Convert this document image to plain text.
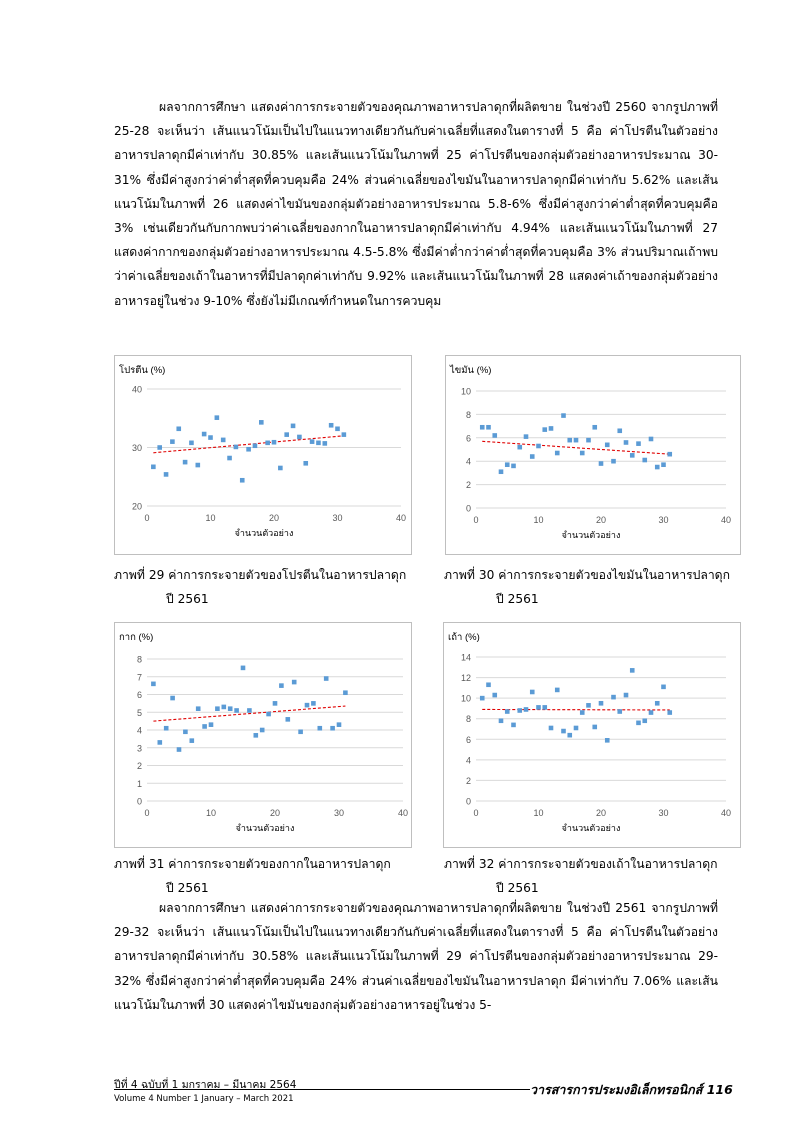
ผลจากการศึกษา แสดงค่าการกระจายตัวของคุณภาพอาหารปลาดุกที่ผลิตขาย ในช่วงปี 2560 จากรูปภาพที่ 25-28 จะเห็นว่า เส้นแนวโน้มเป็นไปในแนวทางเดียวกันกับค่าเฉลี่ยที่แสดงในตารางที่ 5 คือ ค่าโปรตีนในตัวอย่างอาหารปลาดุกมีค่าเท่ากับ 30.85% และเส้นแนวโน้มในภาพที่ 25 ค่าโปรตีนของกลุ่มตัวอย่างอาหารประมาณ 30-31% ซึ่งมีค่าสูงกว่าค่าต่ำสุดที่ควบคุมคือ 24% ส่วนค่าเฉลี่ยของไขมันในอาหารปลาดุกมีค่าเท่ากับ 5.62% และเส้นแนวโน้มในภาพที่ 26 แสดงค่าไขมันของกลุ่มตัวอย่างอาหารประมาณ 5.8-6% ซึ่งมีค่าสูงกว่าค่าต่ำสุดที่ควบคุมคือ 3% เช่นเดียวกันกับกากพบว่าค่าเฉลี่ยของกากในอาหารปลาดุกมีค่าเท่ากับ 4.94% และเส้นแนวโน้มในภาพที่ 27 แสดงค่ากากของกลุ่มตัวอย่างอาหารประมาณ 4.5-5.8% ซึ่งมีค่าต่ำกว่าค่าต่ำสุดที่ควบคุมคือ 3% ส่วนปริมาณเถ้าพบว่าค่าเฉลี่ยของเถ้าในอาหารที่มีปลาดุกค่าเท่ากับ 9.92% และเส้นแนวโน้มในภาพที่ 28 แสดงค่าเถ้าของกลุ่มตัวอย่างอาหารอยู่ในช่วง 9-10% ซึ่งยังไม่มีเกณฑ์กำหนดในการควบคุม

โปรตีน (%)
20
30
40
0	10	20	30	40
จำนวนตัวอย่าง

ภาพที่ 29 ค่าการกระจายตัวของโปรตีนในอาหารปลาดุก
ปี 2561

ไขมัน (%)
0
2
4
6
8
10
0	10	20	30	40
จำนวนตัวอย่าง

ภาพที่ 30 ค่าการกระจายตัวของไขมันในอาหารปลาดุก
ปี 2561

กาก (%)
0
1
2
3
4
5
6
7
8
0	10	20	30	40
จำนวนตัวอย่าง

ภาพที่ 31 ค่าการกระจายตัวของกากในอาหารปลาดุก
ปี 2561

เถ้า (%)
0
2
4
6
8
10
12
14
0	10	20	30	40
จำนวนตัวอย่าง

ภาพที่ 32 ค่าการกระจายตัวของเถ้าในอาหารปลาดุก
ปี 2561

ผลจากการศึกษา แสดงค่าการกระจายตัวของคุณภาพอาหารปลาดุกที่ผลิตขาย ในช่วงปี 2561 จากรูปภาพที่ 29-32 จะเห็นว่า เส้นแนวโน้มเป็นไปในแนวทางเดียวกันกับค่าเฉลี่ยที่แสดงในตารางที่ 5 คือ ค่าโปรตีนในตัวอย่างอาหารปลาดุกมีค่าเท่ากับ 30.58% และเส้นแนวโน้มในภาพที่ 29 ค่าโปรตีนของกลุ่มตัวอย่างอาหารประมาณ 29-32% ซึ่งมีค่าสูงกว่าค่าต่ำสุดที่ควบคุมคือ 24% ส่วนค่าเฉลี่ยของไขมันในอาหารปลาดุก มีค่าเท่ากับ 7.06% และเส้นแนวโน้มในภาพที่ 30 แสดงค่าไขมันของกลุ่มตัวอย่างอาหารอยู่ในช่วง 5-

ปีที่ 4 ฉบับที่ 1 มกราคม – มีนาคม 2564
Volume 4 Number 1 January – March 2021
วารสารการประมงอิเล็กทรอนิกส์ 116
